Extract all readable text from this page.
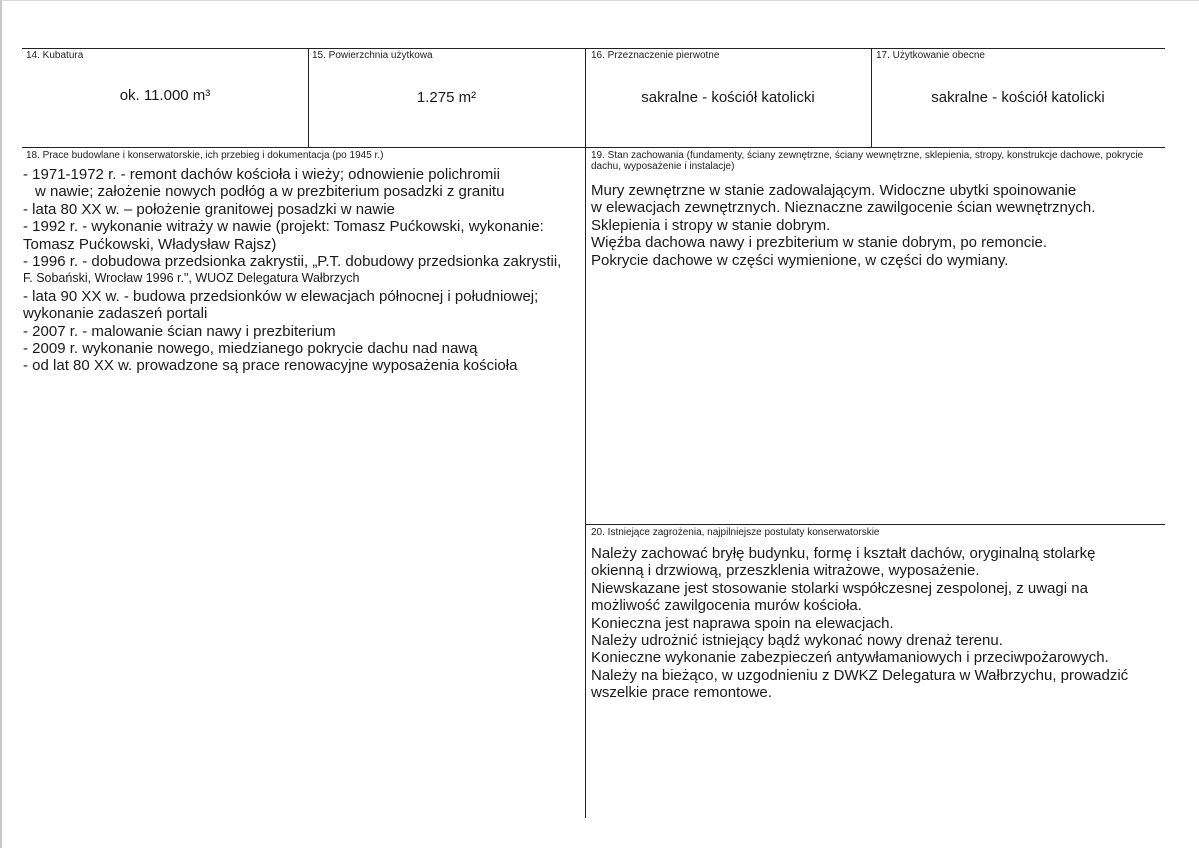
14. Kubatura
ok. 11.000 m³
15. Powierzchnia użytkowa
1.275 m²
16. Przeznaczenie pierwotne
sakralne - kościół katolicki
17. Użytkowanie obecne
sakralne - kościół katolicki
18. Prace budowlane i konserwatorskie, ich przebieg i dokumentacja (po 1945 r.)
- 1971-1972 r. - remont dachów kościoła i wieży; odnowienie polichromii
w nawie; założenie nowych podłóg a w prezbiterium posadzki z granitu
- lata 80 XX w. – położenie granitowej posadzki w nawie
- 1992 r. - wykonanie witraży w nawie (projekt: Tomasz Pućkowski, wykonanie:
Tomasz Pućkowski, Władysław Rajsz)
- 1996 r. - dobudowa przedsionka zakrystii, „P.T. dobudowy przedsionka zakrystii,
F. Sobański, Wrocław 1996 r.", WUOZ Delegatura Wałbrzych
- lata 90 XX w. - budowa przedsionków w elewacjach północnej i południowej;
wykonanie zadaszeń portali
- 2007 r. - malowanie ścian nawy i prezbiterium
- 2009 r. wykonanie nowego, miedzianego pokrycie dachu nad nawą
- od lat 80 XX w. prowadzone są prace renowacyjne wyposażenia kościoła
19. Stan zachowania (fundamenty, ściany zewnętrzne, ściany wewnętrzne, sklepienia, stropy, konstrukcje dachowe, pokrycie dachu, wyposażenie i instalacje)
Mury zewnętrzne w stanie zadowalającym. Widoczne ubytki spoinowanie
w elewacjach zewnętrznych. Nieznaczne zawilgocenie ścian wewnętrznych.
Sklepienia i stropy w stanie dobrym.
Więźba dachowa nawy i prezbiterium w stanie dobrym, po remoncie.
Pokrycie dachowe w części wymienione, w części do wymiany.
20. Istniejące zagrożenia, najpilniejsze postulaty konserwatorskie
Należy zachować bryłę budynku, formę i kształt dachów, oryginalną stolarkę
okienną i drzwiową, przeszklenia witrażowe, wyposażenie.
Niewskazane jest stosowanie stolarki współczesnej zespolonej, z uwagi na
możliwość zawilgocenia murów kościoła.
Konieczna jest naprawa spoin na elewacjach.
Należy udrożnić istniejący bądź wykonać nowy drenaż terenu.
Konieczne wykonanie zabezpieczeń antywłamaniowych i przeciwpożarowych.
Należy na bieżąco, w uzgodnieniu z DWKZ Delegatura w Wałbrzychu, prowadzić
wszelkie prace remontowe.
